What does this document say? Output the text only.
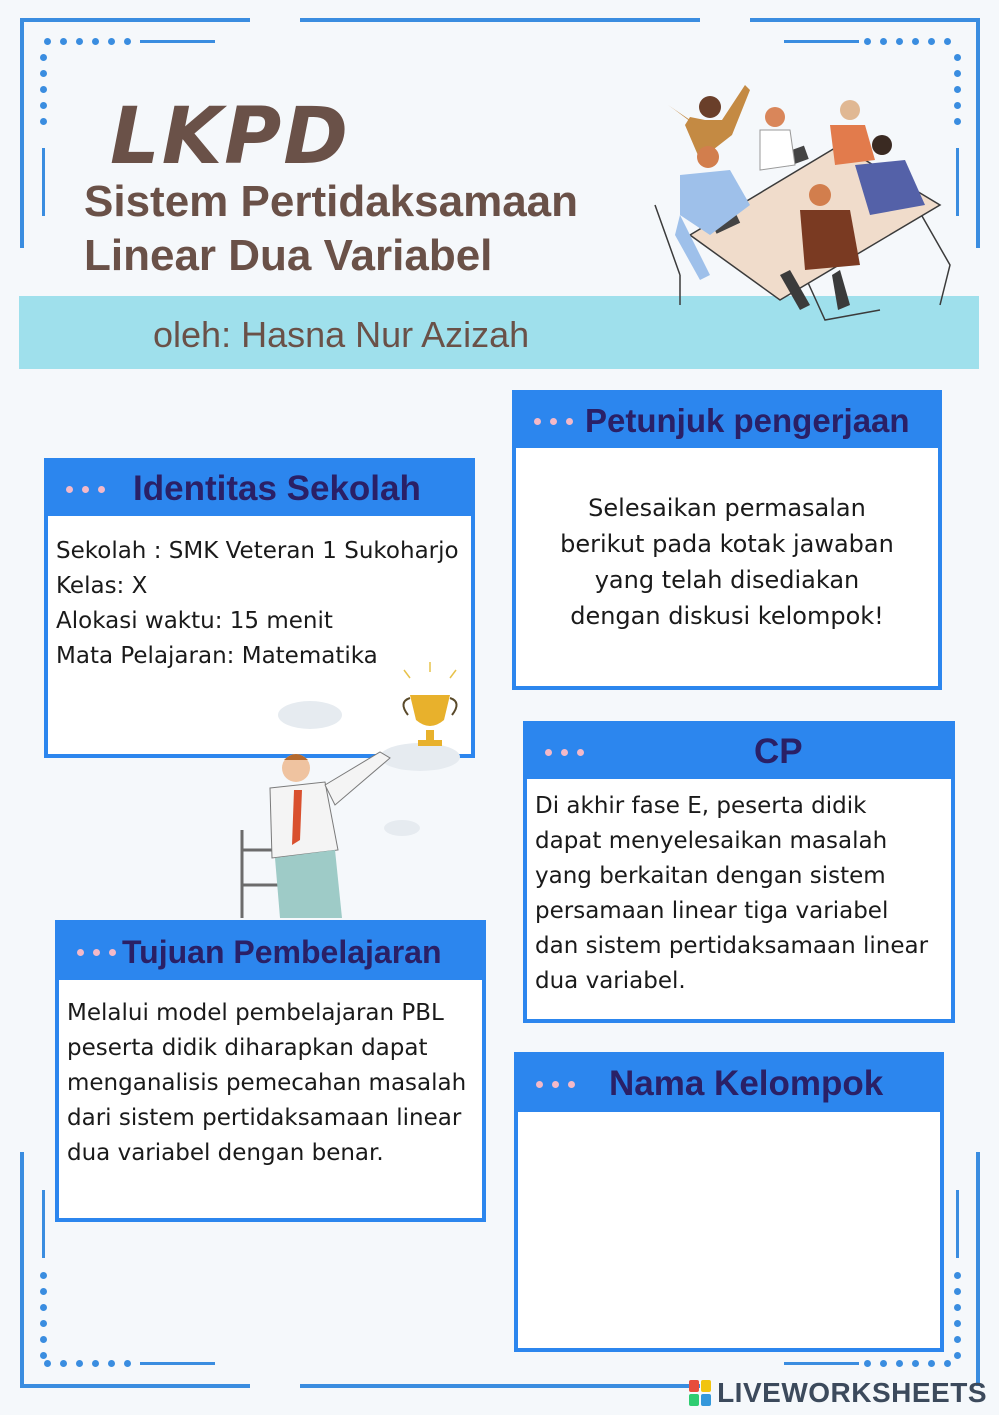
LKPD
Sistem Pertidaksamaan
Linear Dua Variabel
oleh: Hasna Nur Azizah
Petunjuk pengerjaan
Selesaikan permasalan
berikut pada kotak jawaban
yang telah disediakan
dengan diskusi kelompok!
Identitas Sekolah
Sekolah : SMK Veteran 1 Sukoharjo
Kelas: X
Alokasi waktu: 15 menit
Mata Pelajaran: Matematika
CP
Di akhir fase E, peserta didik
dapat menyelesaikan masalah
yang berkaitan dengan sistem
persamaan linear tiga variabel
dan sistem pertidaksamaan linear
dua variabel.
Tujuan Pembelajaran
Melalui model pembelajaran PBL
peserta didik diharapkan dapat
menganalisis pemecahan masalah
dari sistem pertidaksamaan linear
dua variabel dengan benar.
Nama Kelompok
LIVEWORKSHEETS
